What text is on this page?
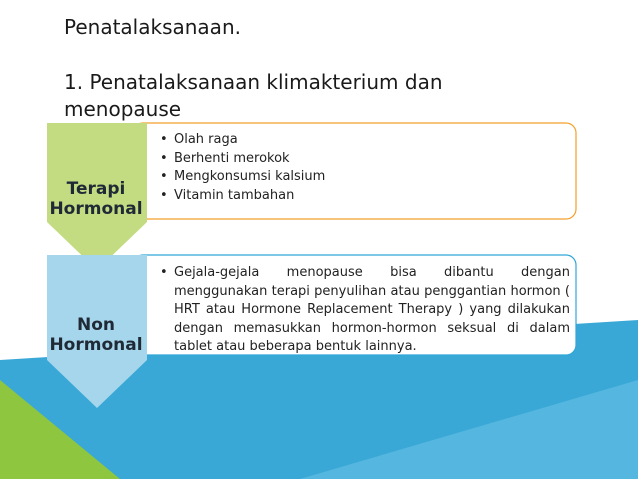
Penatalaksanaan.
1. Penatalaksanaan klimakterium dan
menopause
Terapi
Hormonal
• Olah raga
• Berhenti merokok
• Mengkonsumsi kalsium
• Vitamin tambahan
Non
Hormonal
• Gejala-gejala menopause bisa dibantu dengan menggunakan terapi penyulihan atau penggantian hormon ( HRT atau Hormone Replacement Therapy ) yang dilakukan dengan memasukkan hormon-hormon seksual di dalam tablet atau beberapa bentuk lainnya.
